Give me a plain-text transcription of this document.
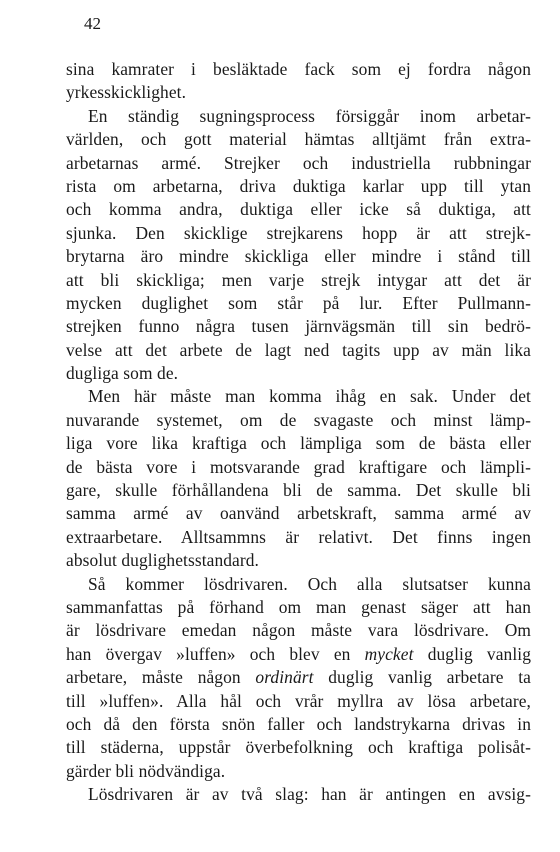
42
sina kamrater i besläktade fack som ej fordra någon
yrkesskicklighet.
En ständig sugningsprocess försiggår inom arbetar-
världen, och gott material hämtas alltjämt från extra-
arbetarnas armé. Strejker och industriella rubbningar
rista om arbetarna, driva duktiga karlar upp till ytan
och komma andra, duktiga eller icke så duktiga, att
sjunka. Den skicklige strejkarens hopp är att strejk-
brytarna äro mindre skickliga eller mindre i stånd till
att bli skickliga; men varje strejk intygar att det är
mycken duglighet som står på lur. Efter Pullmann-
strejken funno några tusen järnvägsmän till sin bedrö-
velse att det arbete de lagt ned tagits upp av män lika
dugliga som de.
Men här måste man komma ihåg en sak. Under det
nuvarande systemet, om de svagaste och minst lämp-
liga vore lika kraftiga och lämpliga som de bästa eller
de bästa vore i motsvarande grad kraftigare och lämpli-
gare, skulle förhållandena bli de samma. Det skulle bli
samma armé av oanvänd arbetskraft, samma armé av
extraarbetare. Alltsammns är relativt. Det finns ingen
absolut duglighetsstandard.
Så kommer lösdrivaren. Och alla slutsatser kunna
sammanfattas på förhand om man genast säger att han
är lösdrivare emedan någon måste vara lösdrivare. Om
han övergav »luffen» och blev en mycket duglig vanlig
arbetare, måste någon ordinärt duglig vanlig arbetare ta
till »luffen». Alla hål och vrår myllra av lösa arbetare,
och då den första snön faller och landstrykarna drivas in
till städerna, uppstår överbefolkning och kraftiga polisåt-
gärder bli nödvändiga.
Lösdrivaren är av två slag: han är antingen en avsig-
